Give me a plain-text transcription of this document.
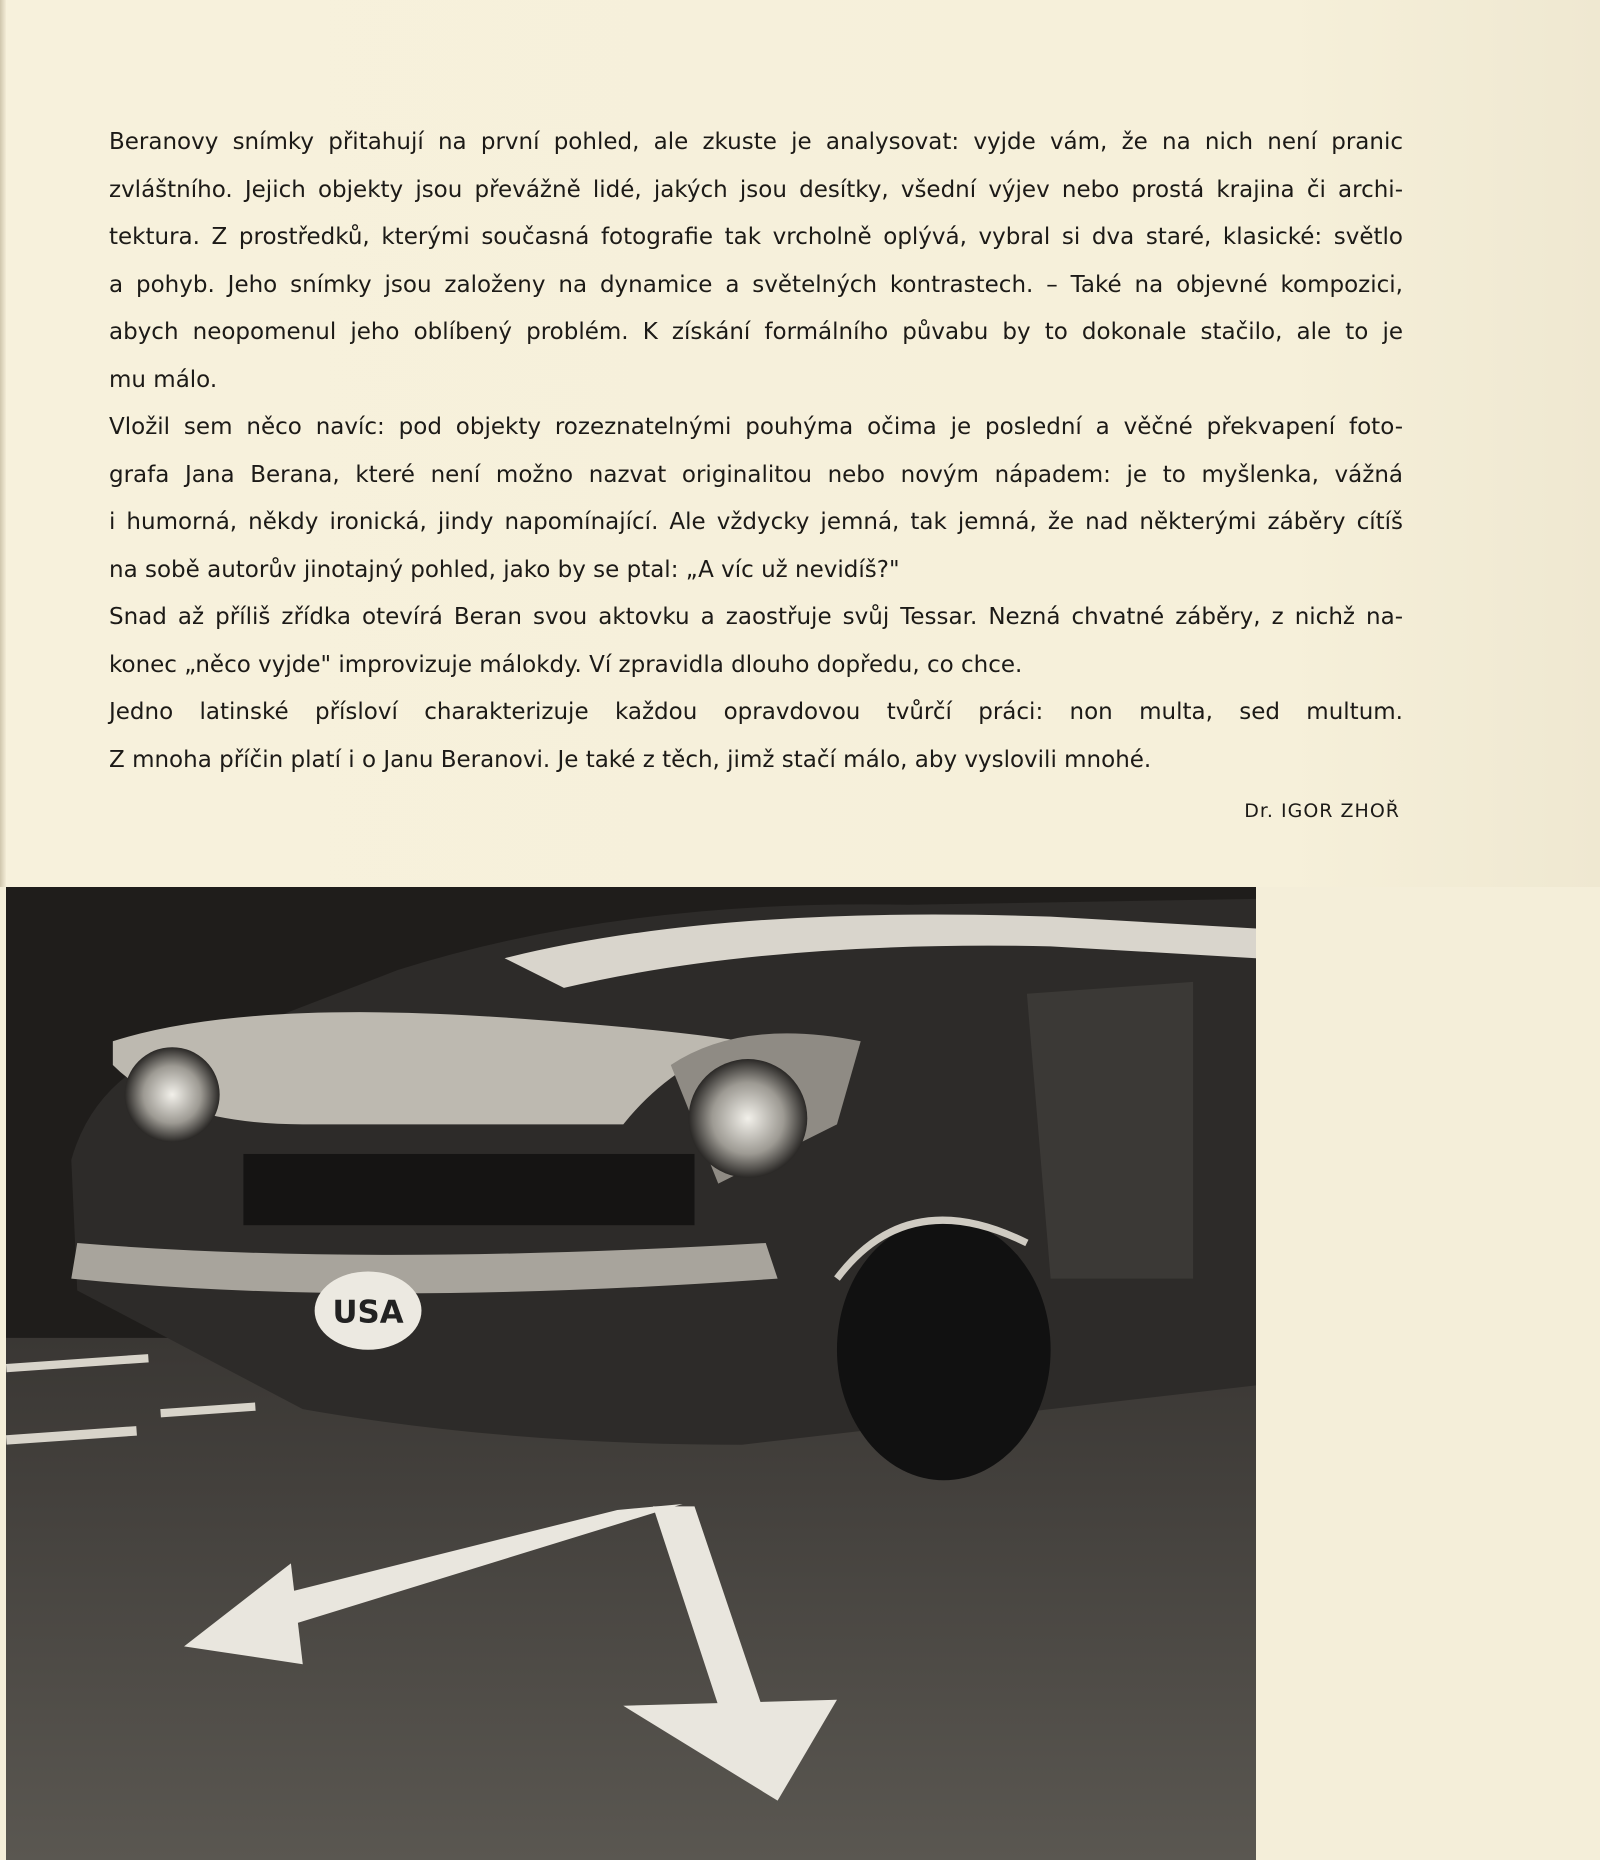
Beranovy snímky přitahují na první pohled, ale zkuste je analysovat: vyjde vám, že na nich není pranic
zvláštního. Jejich objekty jsou převážně lidé, jakých jsou desítky, všední výjev nebo prostá krajina či archi-
tektura. Z prostředků, kterými současná fotografie tak vrcholně oplývá, vybral si dva staré, klasické: světlo
a pohyb. Jeho snímky jsou založeny na dynamice a světelných kontrastech. – Také na objevné kompozici,
abych neopomenul jeho oblíbený problém. K získání formálního půvabu by to dokonale stačilo, ale to je
mu málo.
Vložil sem něco navíc: pod objekty rozeznatelnými pouhýma očima je poslední a věčné překvapení foto-
grafa Jana Berana, které není možno nazvat originalitou nebo novým nápadem: je to myšlenka, vážná
i humorná, někdy ironická, jindy napomínající. Ale vždycky jemná, tak jemná, že nad některými záběry cítíš
na sobě autorův jinotajný pohled, jako by se ptal: „A víc už nevidíš?"
Snad až příliš zřídka otevírá Beran svou aktovku a zaostřuje svůj Tessar. Nezná chvatné záběry, z nichž na-
konec „něco vyjde" improvizuje málokdy. Ví zpravidla dlouho dopředu, co chce.
Jedno latinské přísloví charakterizuje každou opravdovou tvůrčí práci: non multa, sed multum.
Z mnoha příčin platí i o Janu Beranovi. Je také z těch, jimž stačí málo, aby vyslovili mnohé.
Dr. IGOR ZHOŘ
USA
